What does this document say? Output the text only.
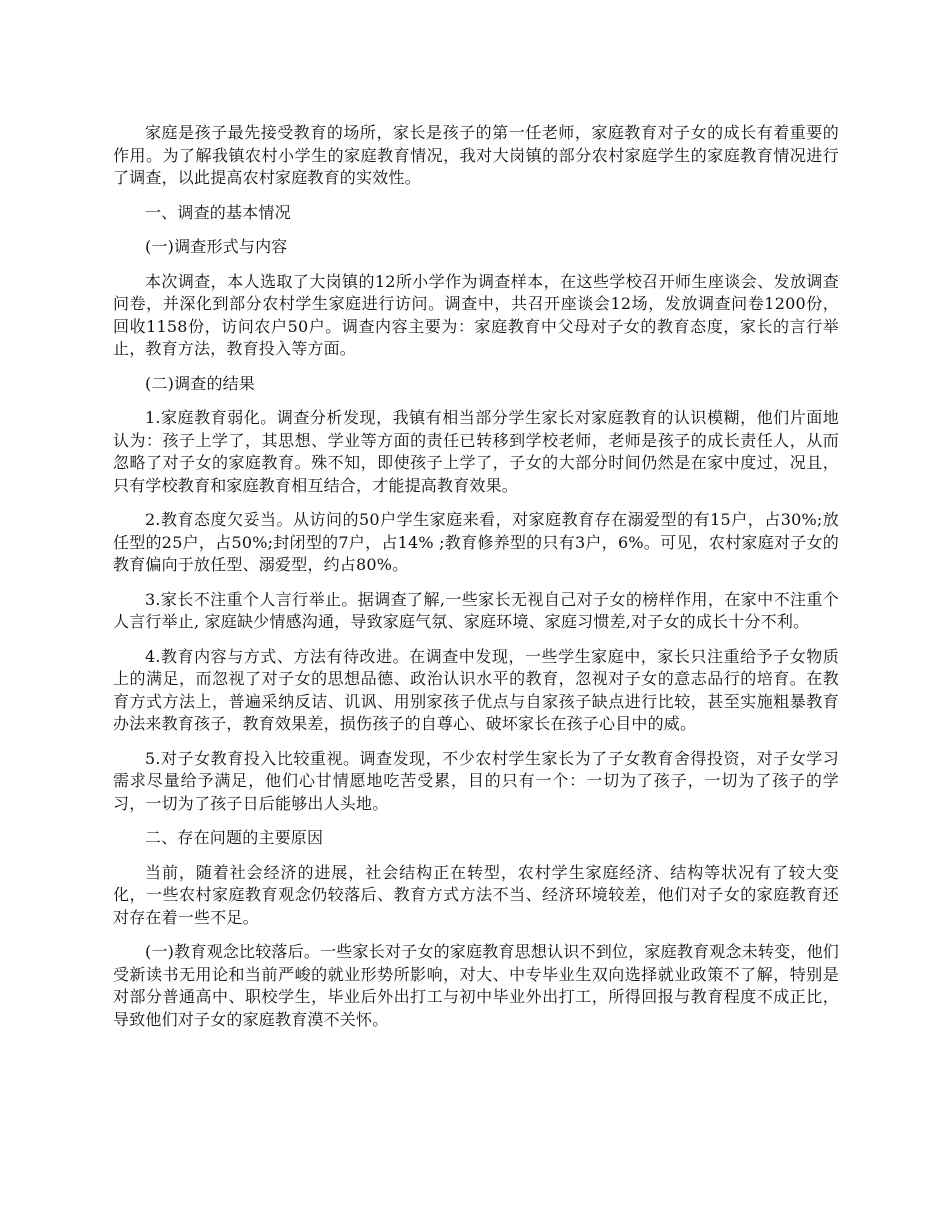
家庭是孩子最先接受教育的场所，家长是孩子的第一任老师，家庭教育对子女的成长有着重要的作用。为了解我镇农村小学生的家庭教育情况，我对大岗镇的部分农村家庭学生的家庭教育情况进行了调查，以此提高农村家庭教育的实效性。

一、调查的基本情况

(一)调查形式与内容

本次调查，本人选取了大岗镇的12所小学作为调查样本，在这些学校召开师生座谈会、发放调查问卷，并深化到部分农村学生家庭进行访问。调查中，共召开座谈会12场，发放调查问卷1200份，回收1158份，访问农户50户。调查内容主要为：家庭教育中父母对子女的教育态度，家长的言行举止，教育方法，教育投入等方面。

(二)调查的结果

1.家庭教育弱化。调查分析发现，我镇有相当部分学生家长对家庭教育的认识模糊，他们片面地认为：孩子上学了，其思想、学业等方面的责任已转移到学校老师，老师是孩子的成长责任人，从而忽略了对子女的家庭教育。殊不知，即使孩子上学了，子女的大部分时间仍然是在家中度过，况且，只有学校教育和家庭教育相互结合，才能提高教育效果。

2.教育态度欠妥当。从访问的50户学生家庭来看，对家庭教育存在溺爱型的有15户，占30%;放任型的25户，占50%;封闭型的7户，占14% ;教育修养型的只有3户，6%。可见，农村家庭对子女的教育偏向于放任型、溺爱型，约占80%。

3.家长不注重个人言行举止。据调查了解,一些家长无视自己对子女的榜样作用，在家中不注重个人言行举止, 家庭缺少情感沟通，导致家庭气氛、家庭环境、家庭习惯差,对子女的成长十分不利。

4.教育内容与方式、方法有待改进。在调查中发现，一些学生家庭中，家长只注重给予子女物质上的满足，而忽视了对子女的思想品德、政治认识水平的教育，忽视对子女的意志品行的培育。在教育方式方法上，普遍采纳反诘、讥讽、用别家孩子优点与自家孩子缺点进行比较，甚至实施粗暴教育办法来教育孩子，教育效果差，损伤孩子的自尊心、破坏家长在孩子心目中的威。

5.对子女教育投入比较重视。调查发现，不少农村学生家长为了子女教育舍得投资，对子女学习需求尽量给予满足，他们心甘情愿地吃苦受累，目的只有一个：一切为了孩子，一切为了孩子的学习，一切为了孩子日后能够出人头地。

二、存在问题的主要原因

当前，随着社会经济的进展，社会结构正在转型，农村学生家庭经济、结构等状况有了较大变化，一些农村家庭教育观念仍较落后、教育方式方法不当、经济环境较差，他们对子女的家庭教育还对存在着一些不足。

(一)教育观念比较落后。一些家长对子女的家庭教育思想认识不到位，家庭教育观念未转变，他们受新读书无用论和当前严峻的就业形势所影响，对大、中专毕业生双向选择就业政策不了解，特别是对部分普通高中、职校学生，毕业后外出打工与初中毕业外出打工，所得回报与教育程度不成正比，导致他们对子女的家庭教育漠不关怀。
